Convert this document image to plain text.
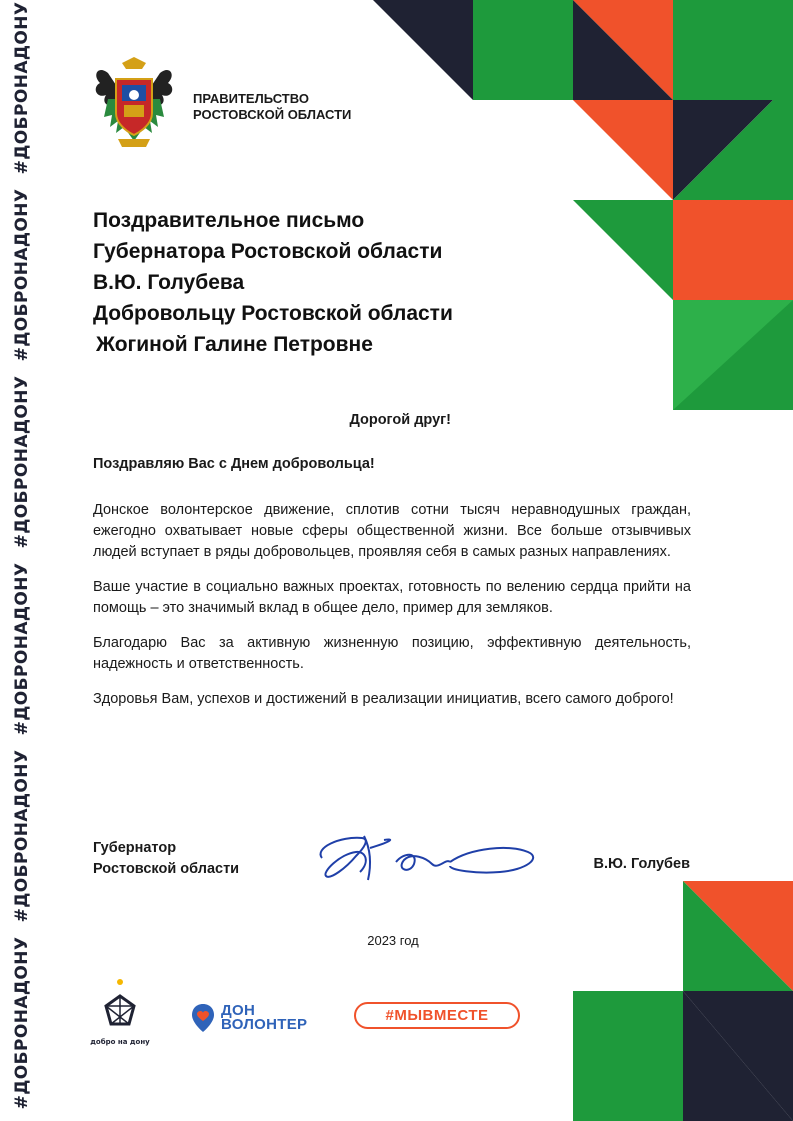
#ДОБРОНАДОНУ
#ДОБРОНАДОНУ
#ДОБРОНАДОНУ
#ДОБРОНАДОНУ
#ДОБРОНАДОНУ
#ДОБРОНАДОНУ
ПРАВИТЕЛЬСТВО
РОСТОВСКОЙ ОБЛАСТИ
Поздравительное письмо
Губернатора Ростовской области
В.Ю. Голубева
Добровольцу Ростовской области
Жогиной Галине Петровне
Дорогой друг!
Поздравляю Вас с Днем добровольца!

Донское волонтерское движение, сплотив сотни тысяч неравнодушных граждан, ежегодно охватывает новые сферы общественной жизни. Все больше отзывчивых людей вступает в ряды добровольцев, проявляя себя в самых разных направлениях.

Ваше участие в социально важных проектах, готовность по велению сердца прийти на помощь – это значимый вклад в общее дело, пример для земляков.

Благодарю Вас за активную жизненную позицию, эффективную деятельность, надежность и ответственность.

Здоровья Вам, успехов и достижений в реализации инициатив, всего самого доброго!

Губернатор
Ростовской области	В.Ю. Голубев
2023 год
добро на дону
ДОН
ВОЛОНТЕР
#МЫВМЕСТЕ
